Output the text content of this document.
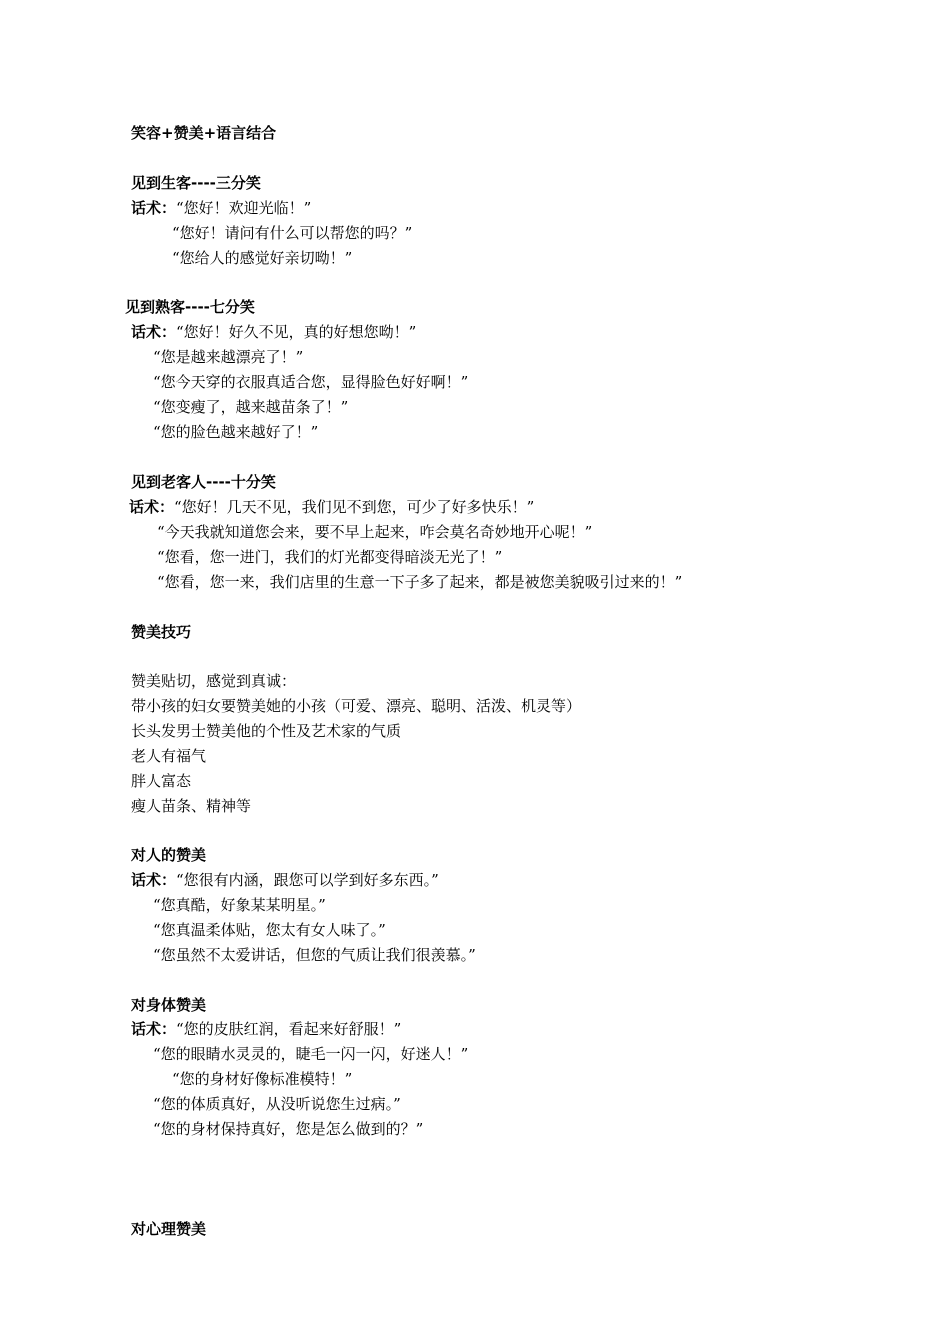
笑容+赞美+语言结合
见到生客----三分笑
话术：“您好！欢迎光临！”
“您好！请问有什么可以帮您的吗？”
“您给人的感觉好亲切呦！”
见到熟客----七分笑
话术：“您好！好久不见，真的好想您呦！”
“您是越来越漂亮了！”
“您今天穿的衣服真适合您，显得脸色好好啊！”
“您变瘦了，越来越苗条了！”
“您的脸色越来越好了！”
见到老客人----十分笑
话术：“您好！几天不见，我们见不到您，可少了好多快乐！”
“今天我就知道您会来，要不早上起来，咋会莫名奇妙地开心呢！”
“您看，您一进门，我们的灯光都变得暗淡无光了！”
“您看，您一来，我们店里的生意一下子多了起来，都是被您美貌吸引过来的！”
赞美技巧
赞美贴切，感觉到真诚：
带小孩的妇女要赞美她的小孩（可爱、漂亮、聪明、活泼、机灵等）
长头发男士赞美他的个性及艺术家的气质
老人有福气
胖人富态
瘦人苗条、精神等
对人的赞美
话术：“您很有内涵，跟您可以学到好多东西。”
“您真酷，好象某某明星。”
“您真温柔体贴，您太有女人味了。”
“您虽然不太爱讲话，但您的气质让我们很羡慕。”
对身体赞美
话术：“您的皮肤红润，看起来好舒服！”
“您的眼睛水灵灵的，睫毛一闪一闪，好迷人！”
“您的身材好像标准模特！”
“您的体质真好，从没听说您生过病。”
“您的身材保持真好，您是怎么做到的？”
对心理赞美
